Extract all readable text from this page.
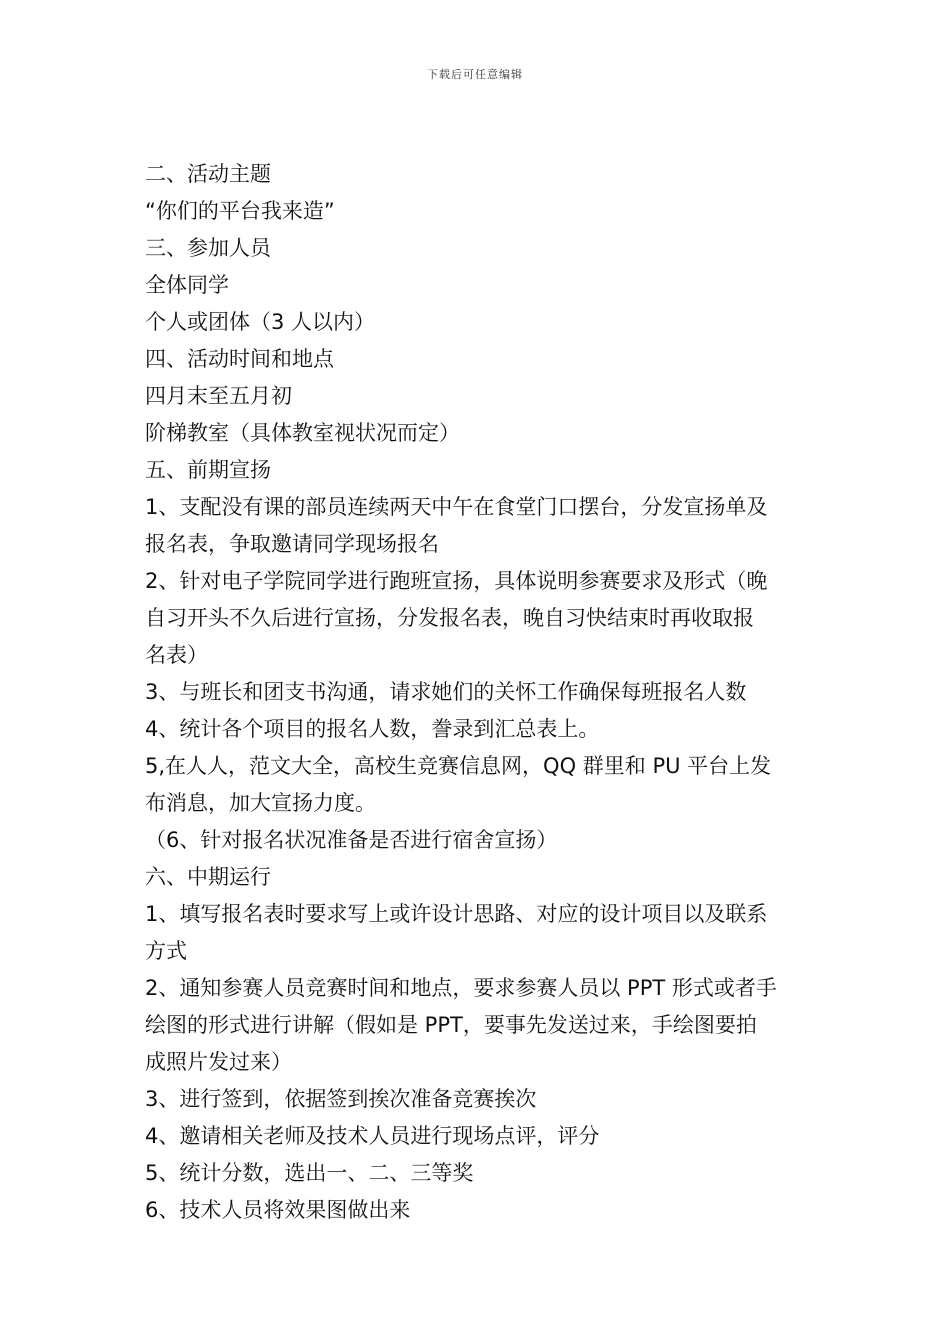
下载后可任意编辑
二、活动主题
“你们的平台我来造”
三、参加人员
全体同学
个人或团体（3 人以内）
四、活动时间和地点
四月末至五月初
阶梯教室（具体教室视状况而定）
五、前期宣扬
1、支配没有课的部员连续两天中午在食堂门口摆台，分发宣扬单及
报名表，争取邀请同学现场报名
2、针对电子学院同学进行跑班宣扬，具体说明参赛要求及形式（晚
自习开头不久后进行宣扬，分发报名表，晚自习快结束时再收取报
名表）
3、与班长和团支书沟通，请求她们的关怀工作确保每班报名人数
4、统计各个项目的报名人数，誊录到汇总表上。
5,在人人，范文大全，高校生竞赛信息网，QQ 群里和 PU 平台上发
布消息，加大宣扬力度。
（6、针对报名状况准备是否进行宿舍宣扬）
六、中期运行
1、填写报名表时要求写上或许设计思路、对应的设计项目以及联系
方式
2、通知参赛人员竞赛时间和地点，要求参赛人员以 PPT 形式或者手
绘图的形式进行讲解（假如是 PPT，要事先发送过来，手绘图要拍
成照片发过来）
3、进行签到，依据签到挨次准备竞赛挨次
4、邀请相关老师及技术人员进行现场点评，评分
5、统计分数，选出一、二、三等奖
6、技术人员将效果图做出来
